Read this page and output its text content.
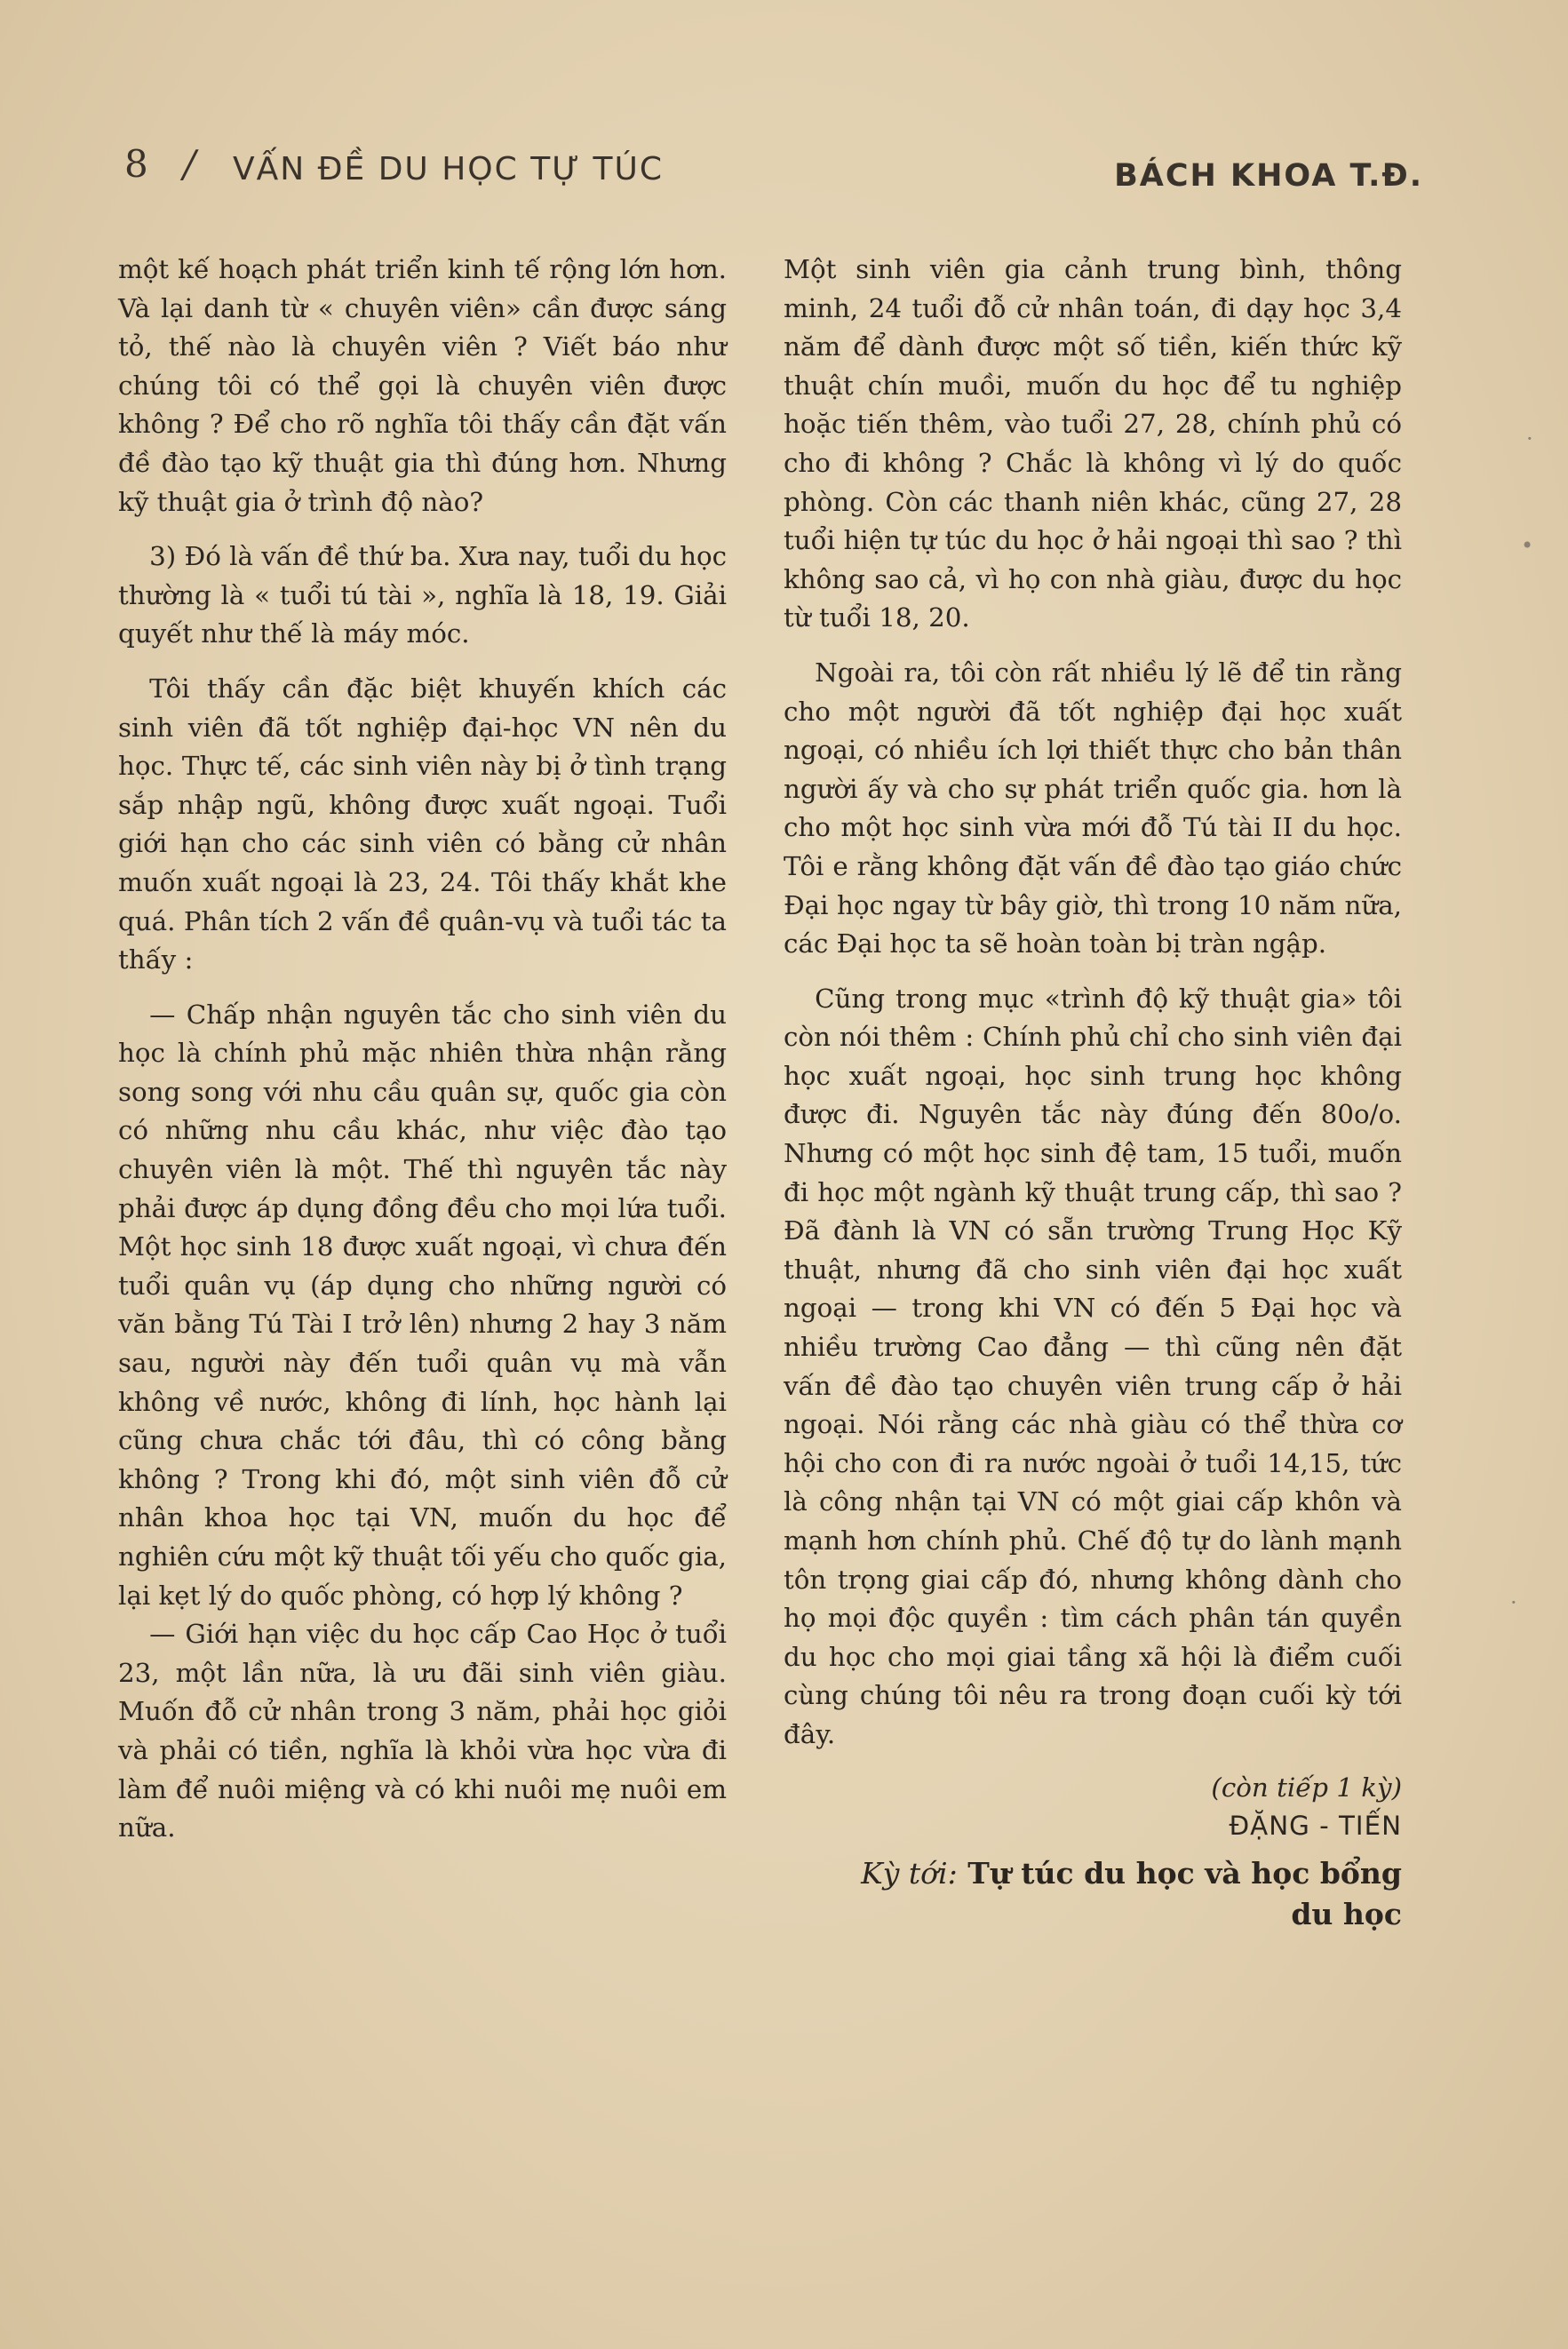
8 / VẤN ĐỀ DU HỌC TỰ TÚC	BÁCH KHOA T.Đ.

một kế hoạch phát triển kinh tế rộng lớn hơn. Và lại danh từ « chuyên viên» cần được sáng tỏ, thế nào là chuyên viên ? Viết báo như chúng tôi có thể gọi là chuyên viên được không ? Để cho rõ nghĩa tôi thấy cần đặt vấn đề đào tạo kỹ thuật gia thì đúng hơn. Nhưng kỹ thuật gia ở trình độ nào?

3) Đó là vấn đề thứ ba. Xưa nay, tuổi du học thường là « tuổi tú tài », nghĩa là 18, 19. Giải quyết như thế là máy móc.

Tôi thấy cần đặc biệt khuyến khích các sinh viên đã tốt nghiệp đại-học VN nên du học. Thực tế, các sinh viên này bị ở tình trạng sắp nhập ngũ, không được xuất ngoại. Tuổi giới hạn cho các sinh viên có bằng cử nhân muốn xuất ngoại là 23, 24. Tôi thấy khắt khe quá. Phân tích 2 vấn đề quân-vụ và tuổi tác ta thấy :

— Chấp nhận nguyên tắc cho sinh viên du học là chính phủ mặc nhiên thừa nhận rằng song song với nhu cầu quân sự, quốc gia còn có những nhu cầu khác, như việc đào tạo chuyên viên là một. Thế thì nguyên tắc này phải được áp dụng đồng đều cho mọi lứa tuổi. Một học sinh 18 được xuất ngoại, vì chưa đến tuổi quân vụ (áp dụng cho những người có văn bằng Tú Tài I trở lên) nhưng 2 hay 3 năm sau, người này đến tuổi quân vụ mà vẫn không về nước, không đi lính, học hành lại cũng chưa chắc tới đâu, thì có công bằng không ? Trong khi đó, một sinh viên đỗ cử nhân khoa học tại VN, muốn du học để nghiên cứu một kỹ thuật tối yếu cho quốc gia, lại kẹt lý do quốc phòng, có hợp lý không ?

— Giới hạn việc du học cấp Cao Học ở tuổi 23, một lần nữa, là ưu đãi sinh viên giàu. Muốn đỗ cử nhân trong 3 năm, phải học giỏi và phải có tiền, nghĩa là khỏi vừa học vừa đi làm để nuôi miệng và có khi nuôi mẹ nuôi em nữa.

Một sinh viên gia cảnh trung bình, thông minh, 24 tuổi đỗ cử nhân toán, đi dạy học 3,4 năm để dành được một số tiền, kiến thức kỹ thuật chín muồi, muốn du học để tu nghiệp hoặc tiến thêm, vào tuổi 27, 28, chính phủ có cho đi không ? Chắc là không vì lý do quốc phòng. Còn các thanh niên khác, cũng 27, 28 tuổi hiện tự túc du học ở hải ngoại thì sao ? thì không sao cả, vì họ con nhà giàu, được du học từ tuổi 18, 20.

Ngoài ra, tôi còn rất nhiều lý lẽ để tin rằng cho một người đã tốt nghiệp đại học xuất ngoại, có nhiều ích lợi thiết thực cho bản thân người ấy và cho sự phát triển quốc gia. hơn là cho một học sinh vừa mới đỗ Tú tài II du học. Tôi e rằng không đặt vấn đề đào tạo giáo chức Đại học ngay từ bây giờ, thì trong 10 năm nữa, các Đại học ta sẽ hoàn toàn bị tràn ngập.

Cũng trong mục «trình độ kỹ thuật gia» tôi còn nói thêm : Chính phủ chỉ cho sinh viên đại học xuất ngoại, học sinh trung học không được đi. Nguyên tắc này đúng đến 80o/o. Nhưng có một học sinh đệ tam, 15 tuổi, muốn đi học một ngành kỹ thuật trung cấp, thì sao ? Đã đành là VN có sẵn trường Trung Học Kỹ thuật, nhưng đã cho sinh viên đại học xuất ngoại — trong khi VN có đến 5 Đại học và nhiều trường Cao đẳng — thì cũng nên đặt vấn đề đào tạo chuyên viên trung cấp ở hải ngoại. Nói rằng các nhà giàu có thể thừa cơ hội cho con đi ra nước ngoài ở tuổi 14,15, tức là công nhận tại VN có một giai cấp khôn và mạnh hơn chính phủ. Chế độ tự do lành mạnh tôn trọng giai cấp đó, nhưng không dành cho họ mọi độc quyền : tìm cách phân tán quyền du học cho mọi giai tầng xã hội là điểm cuối cùng chúng tôi nêu ra trong đoạn cuối kỳ tới đây.

(còn tiếp 1 kỳ)

ĐẶNG - TIẾN

Kỳ tới: Tự túc du học và học bổng

du học

·
•
·
